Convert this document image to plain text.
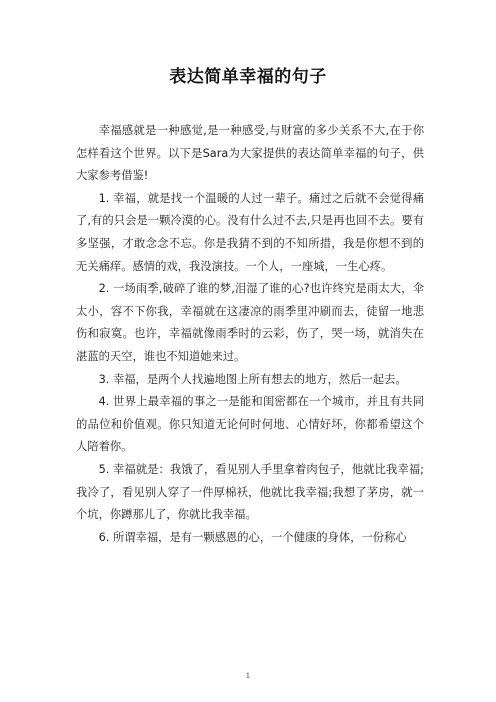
表达简单幸福的句子

幸福感就是一种感觉,是一种感受,与财富的多少关系不大,在于你怎样看这个世界。以下是Sara为大家提供的表达简单幸福的句子，供大家参考借鉴!

1. 幸福，就是找一个温暖的人过一辈子。痛过之后就不会觉得痛了,有的只会是一颗冷漠的心。没有什么过不去,只是再也回不去。要有多坚强，才敢念念不忘。你是我猜不到的不知所措，我是你想不到的无关痛痒。感情的戏，我没演技。一个人，一座城，一生心疼。

2. 一场雨季,破碎了谁的梦,泪湿了谁的心?也许终究是雨太大，伞太小，容不下你我，幸福就在这凄凉的雨季里冲刷而去，徒留一地悲伤和寂寞。也许，幸福就像雨季时的云彩，伤了，哭一场，就消失在湛蓝的天空，谁也不知道她来过。

3. 幸福，是两个人找遍地图上所有想去的地方，然后一起去。

4. 世界上最幸福的事之一是能和闺密都在一个城市，并且有共同的品位和价值观。你只知道无论何时何地、心情好坏，你都希望这个人陪着你。

5. 幸福就是：我饿了，看见别人手里拿着肉包子，他就比我幸福;我冷了，看见别人穿了一件厚棉袄，他就比我幸福;我想了茅房，就一个坑，你蹲那儿了，你就比我幸福。

6. 所谓幸福，是有一颗感恩的心，一个健康的身体，一份称心

1
